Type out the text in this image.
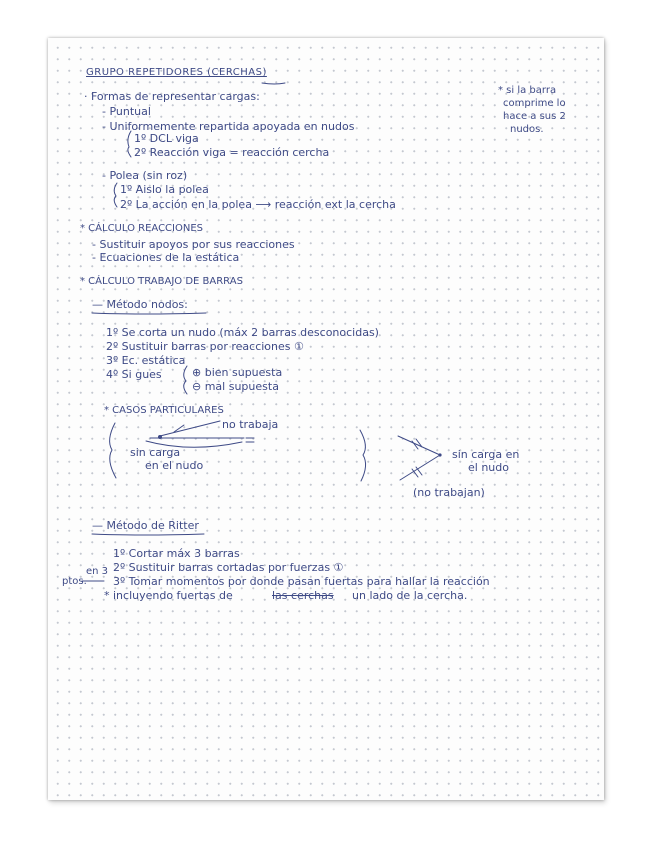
GRUPO REPETIDORES (CERCHAS)
* si la barra
comprime lo
hace a sus 2
nudos.
· Formas de representar cargas:
- Puntual
- Uniformemente repartida apoyada en nudos
1º DCL viga
2º Reacción viga = reacción cercha
- Polea (sin roz)
1º Aislo la polea
2º La acción en la polea ⟶ reacción ext la cercha
* CÁLCULO REACCIONES
- Sustituir apoyos por sus reacciones
- Ecuaciones de la estática
* CÁLCULO TRABAJO DE BARRAS
— Método nodos:
1º Se corta un nudo (máx 2 barras desconocidas)
2º Sustituir barras por reacciones ①
3º Ec. estática
4º Si gues	⊕ bien supuesta
⊖ mal supuesta
* CASOS PARTICULARES
no trabaja
sin carga
en el nudo
sin carga en
el nudo
(no trabajan)
— Método de Ritter
1º Cortar máx 3 barras
2º Sustituir barras cortadas por fuerzas ①
en 3
ptos. 3º Tomar momentos por donde pasan fuertas para hallar la reacción
* incluyendo fuertas de	las cerchas un lado de la cercha.
